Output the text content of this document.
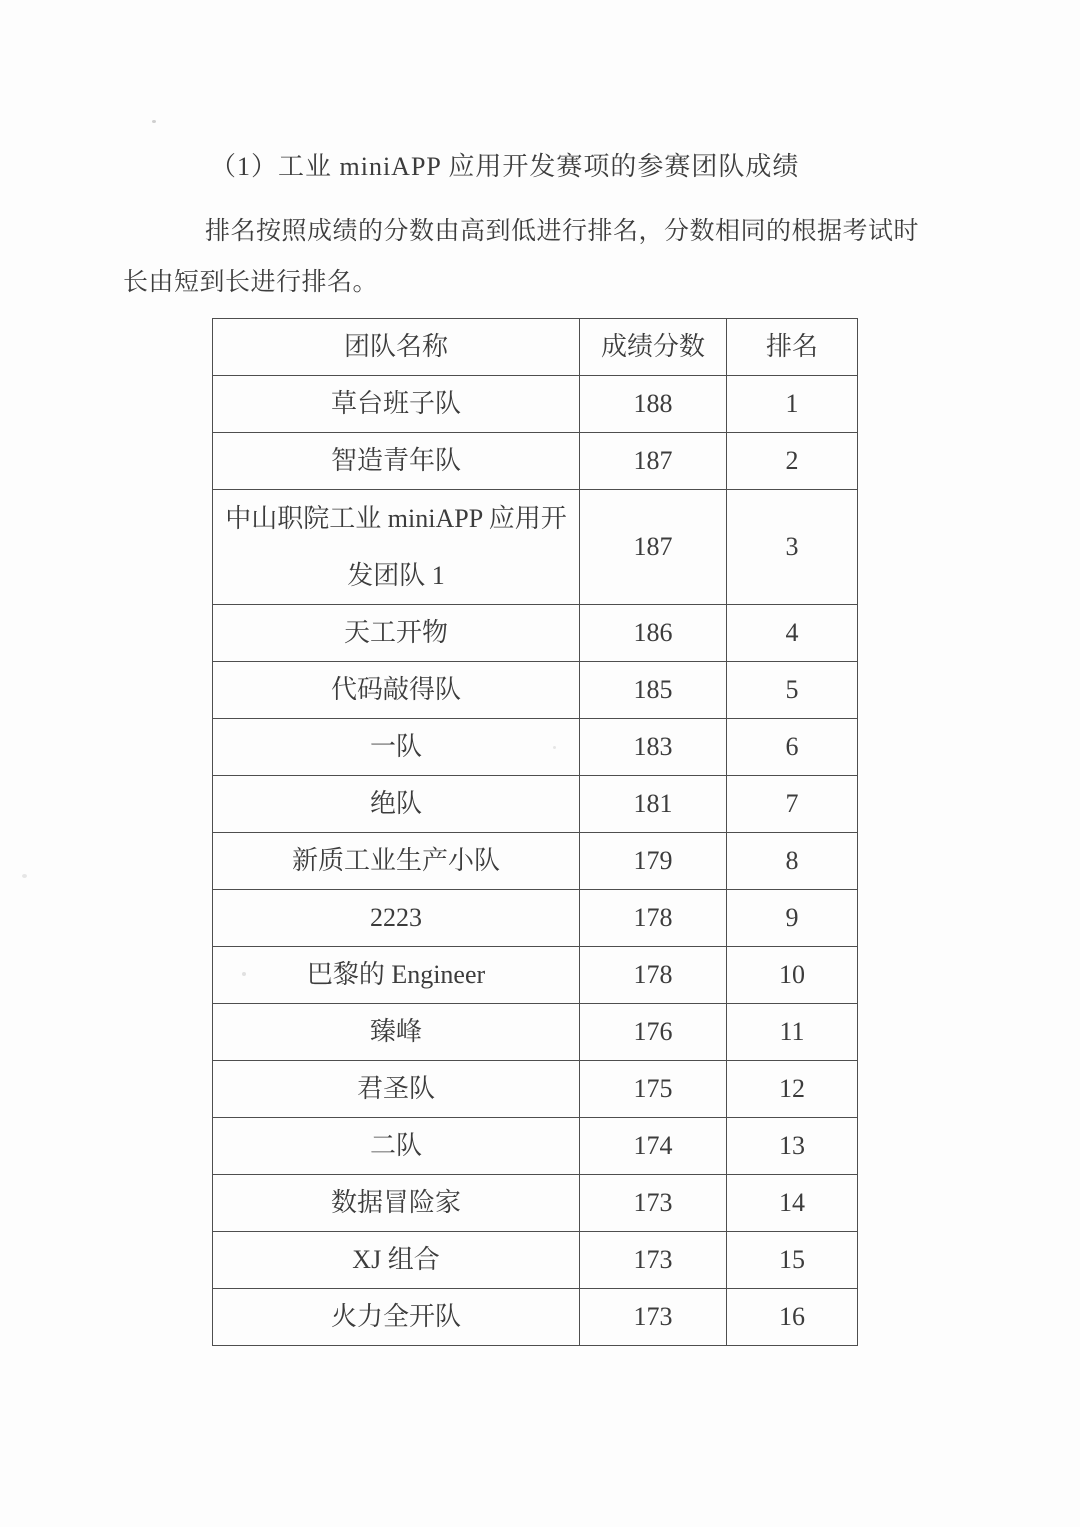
（1）工业 miniAPP 应用开发赛项的参赛团队成绩
排名按照成绩的分数由高到低进行排名，分数相同的根据考试时
长由短到长进行排名。
团队名称	成绩分数	排名
草台班子队	188	1
智造青年队	187	2
中山职院工业 miniAPP 应用开发团队 1	187	3
天工开物	186	4
代码敲得队	185	5
一队	183	6
绝队	181	7
新质工业生产小队	179	8
2223	178	9
巴黎的 Engineer	178	10
臻峰	176	11
君圣队	175	12
二队	174	13
数据冒险家	173	14
XJ 组合	173	15
火力全开队	173	16
